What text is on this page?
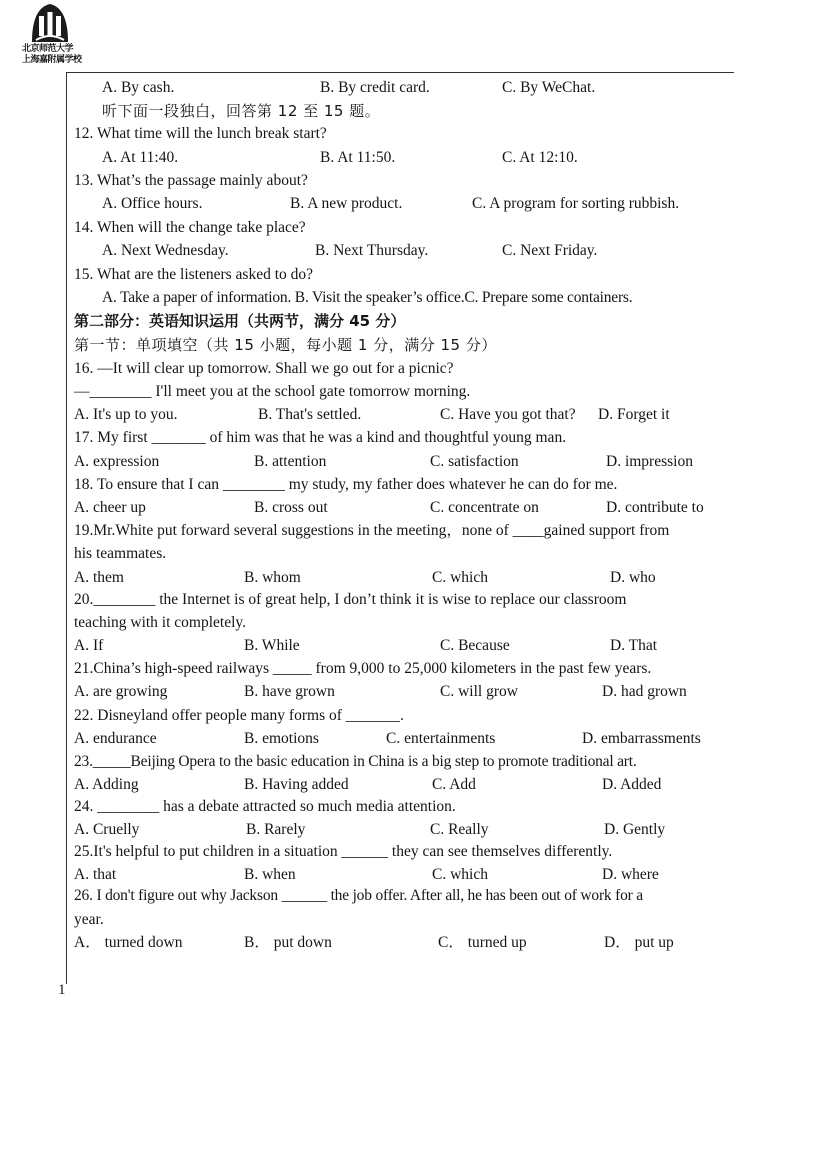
北京师范大学
上海嘉附属学校
1
A. By cash.	B. By credit card.	C. By WeChat.
听下面一段独白，回答第 12 至 15 题。
12. What time will the lunch break start?
A. At 11:40.	B. At 11:50.	C. At 12:10.
13. What’s the passage mainly about?
A. Office hours.	B. A new product.	C. A program for sorting rubbish.
14. When will the change take place?
A. Next Wednesday.	B. Next Thursday.	C. Next Friday.
15. What are the listeners asked to do?
A. Take a paper of information. B. Visit the speaker’s office.C. Prepare some containers.
第二部分：英语知识运用（共两节，满分 45 分）
第一节：单项填空（共 15 小题，每小题 1 分，满分 15 分）
16. —It will clear up tomorrow. Shall we go out for a picnic?
—________ I'll meet you at the school gate tomorrow morning.
A. It's up to you.	B. That's settled.	C. Have you got that? D. Forget it
17. My first _______ of him was that he was a kind and thoughtful young man.
A. expression	B. attention	C. satisfaction	D. impression
18. To ensure that I can ________ my study, my father does whatever he can do for me.
A. cheer up	B. cross out	C. concentrate on	D. contribute to
19.Mr.White put forward several suggestions in the meeting，none of ____gained support from
his teammates.
A. them	B. whom	C. which	D. who
20.________ the Internet is of great help, I don’t think it is wise to replace our classroom
teaching with it completely.
A. If	B. While	C. Because	D. That
21.China’s high-speed railways _____ from 9,000 to 25,000 kilometers in the past few years.
A. are growing	B. have grown	C. will grow	D. had grown
22. Disneyland offer people many forms of _______.
A. endurance	B. emotions	C. entertainments	D. embarrassments
23._____Beijing Opera to the basic education in China is a big step to promote traditional art.
A. Adding	B. Having added	C. Add	D. Added
24. ________ has a debate attracted so much media attention.
A. Cruelly	B. Rarely	C. Really	D. Gently
25.It's helpful to put children in a situation ______ they can see themselves differently.
A. that	B. when	C. which	D. where
26. I don't figure out why Jackson ______ the job offer. After all, he has been out of work for a
year.
A． turned down	B． put down	C． turned up	D． put up
